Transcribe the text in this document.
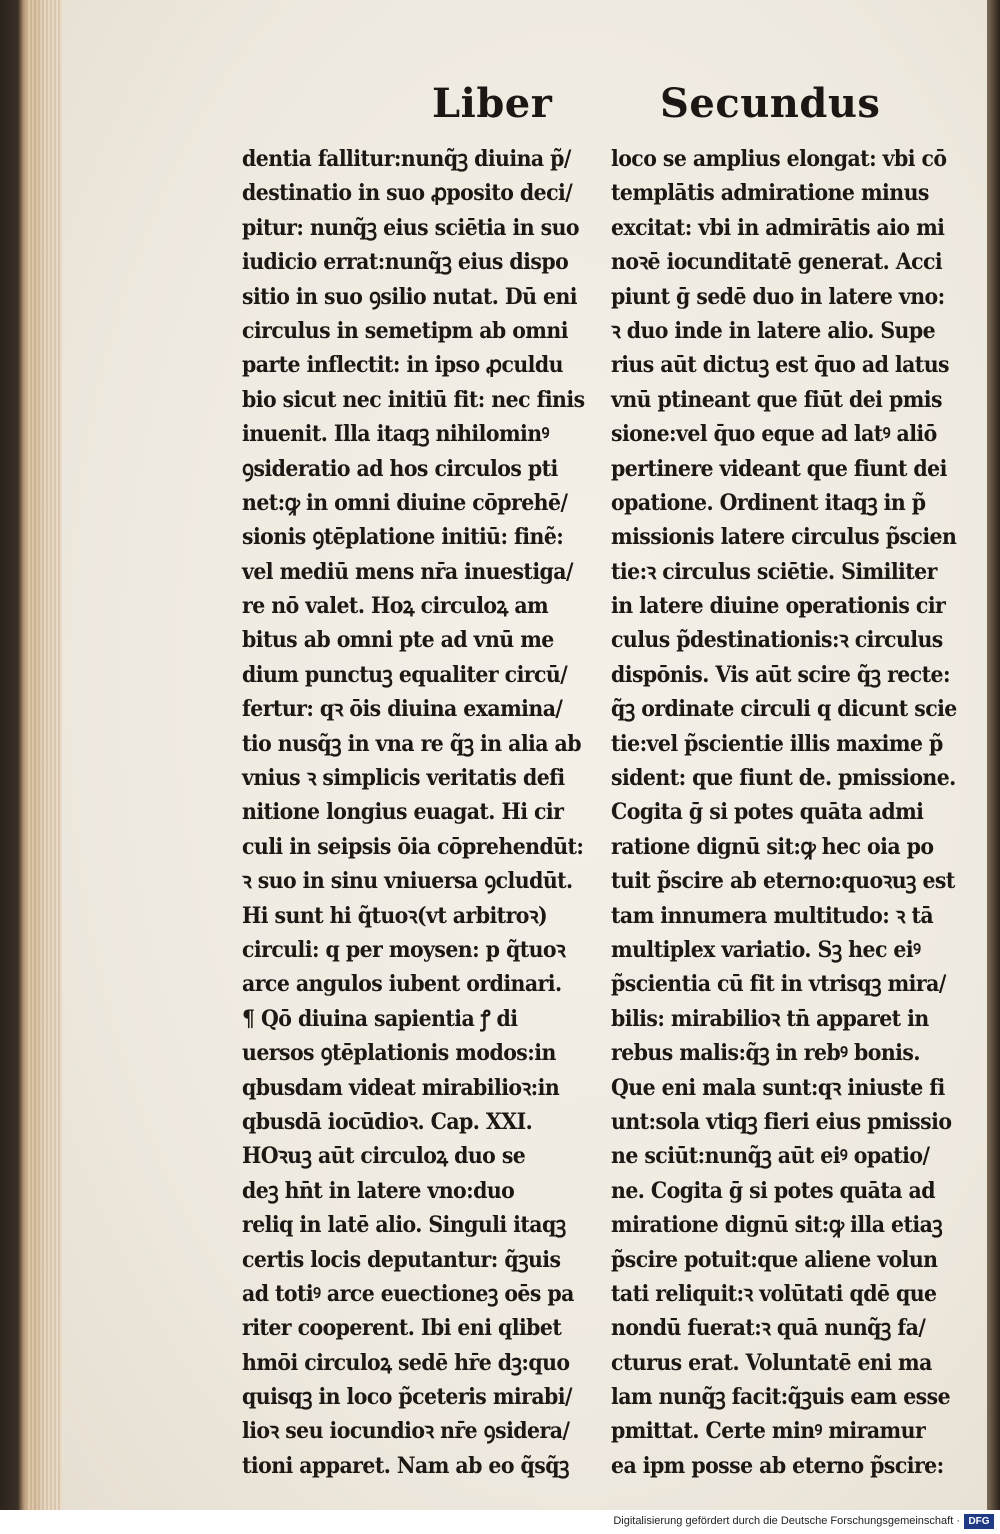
Liber	Secundus
dentia fallitur:nunq̃ꝫ diuina p̃/
destinatio in suo ꝓposito deci/
pitur: nunq̃ꝫ eius sciētia in suo
iudicio errat:nunq̃ꝫ eius dispo
sitio in suo ꝯsilio nutat. Dū eni
circulus in semetipm ab omni
parte inflectit: in ipso ꝓculdu
bio sicut nec initiū fit: nec finis
inuenit. Illa itaqꝫ nihilominꝰ
ꝯsideratio ad hos circulos pti
net:ꝙ in omni diuine cōprehē/
sionis ꝯtēplatione initiū: finẽ:
vel mediū mens nr̄a inuestiga/
re nō valet. Hoꝝ circuloꝝ am
bitus ab omni pte ad vnū me
dium punctuꝫ equaliter circū/
fertur: qꝛ ōis diuina examina/
tio nusq̃ꝫ in vna re q̃ꝫ in alia ab
vnius ꝛ simplicis veritatis defi
nitione longius euagat. Hi cir
culi in seipsis ōia cōprehendūt:
ꝛ suo in sinu vniuersa ꝯcludūt.
Hi sunt hi q̃tuoꝛ(vt arbitroꝛ)
circuli: q per moysen: p q̃tuoꝛ
arce angulos iubent ordinari.
¶ Qō diuina sapientia ꝭ di
uersos ꝯtēplationis modos:in
qbusdam videat mirabilioꝛ:in
qbusdā iocūdioꝛ. Cap. XXI.
HOꝛuꝫ aūt circuloꝝ duo se
deꝫ hn̄t in latere vno:duo
reliq in latē alio. Singuli itaqꝫ
certis locis deputantur: q̃ꝫuis
ad totiꝰ arce euectioneꝫ oēs pa
riter cooperent. Ibi eni qlibet
hmōi circuloꝝ sedē hr̄e dꝫ:quo
quisqꝫ in loco p̃ceteris mirabi/
lioꝛ seu iocundioꝛ nr̄e ꝯsidera/
tioni apparet. Nam ab eo q̃sq̃ꝫ
loco se amplius elongat: vbi cō
templātis admiratione minus
excitat: vbi in admirātis aio mi
noꝛē iocunditatē generat. Acci
piunt ḡ sedē duo in latere vno:
ꝛ duo inde in latere alio. Supe
rius aūt dictuꝫ est q̄uo ad latus
vnū ptineant que fiūt dei pmis
sione:vel q̄uo eque ad latꝰ aliō
pertinere videant que fiunt dei
opatione. Ordinent itaqꝫ in p̃
missionis latere circulus p̃scien
tie:ꝛ circulus sciētie. Similiter
in latere diuine operationis cir
culus p̃destinationis:ꝛ circulus
dispōnis. Vis aūt scire q̃ꝫ recte:
q̃ꝫ ordinate circuli q dicunt scie
tie:vel p̃scientie illis maxime p̃
sident: que fiunt de. pmissione.
Cogita ḡ si potes quāta admi
ratione dignū sit:ꝙ hec oia po
tuit p̃scire ab eterno:quoꝛuꝫ est
tam innumera multitudo: ꝛ tā
multiplex variatio. Sꝫ hec eiꝰ
p̃scientia cū fit in vtrisqꝫ mira/
bilis: mirabilioꝛ tn̄ apparet in
rebus malis:q̃ꝫ in rebꝰ bonis.
Que eni mala sunt:qꝛ iniuste fi
unt:sola vtiqꝫ fieri eius pmissio
ne sciūt:nunq̃ꝫ aūt eiꝰ opatio/
ne. Cogita ḡ si potes quāta ad
miratione dignū sit:ꝙ illa etiaꝫ
p̃scire potuit:que aliene volun
tati reliquit:ꝛ volūtati qdē que
nondū fuerat:ꝛ quā nunq̃ꝫ fa/
cturus erat. Voluntatē eni ma
lam nunq̃ꝫ facit:q̃ꝫuis eam esse
pmittat. Certe minꝰ miramur
ea ipm posse ab eterno p̃scire:
Digitalisierung gefördert durch die Deutsche Forschungsgemeinschaft · DFG
